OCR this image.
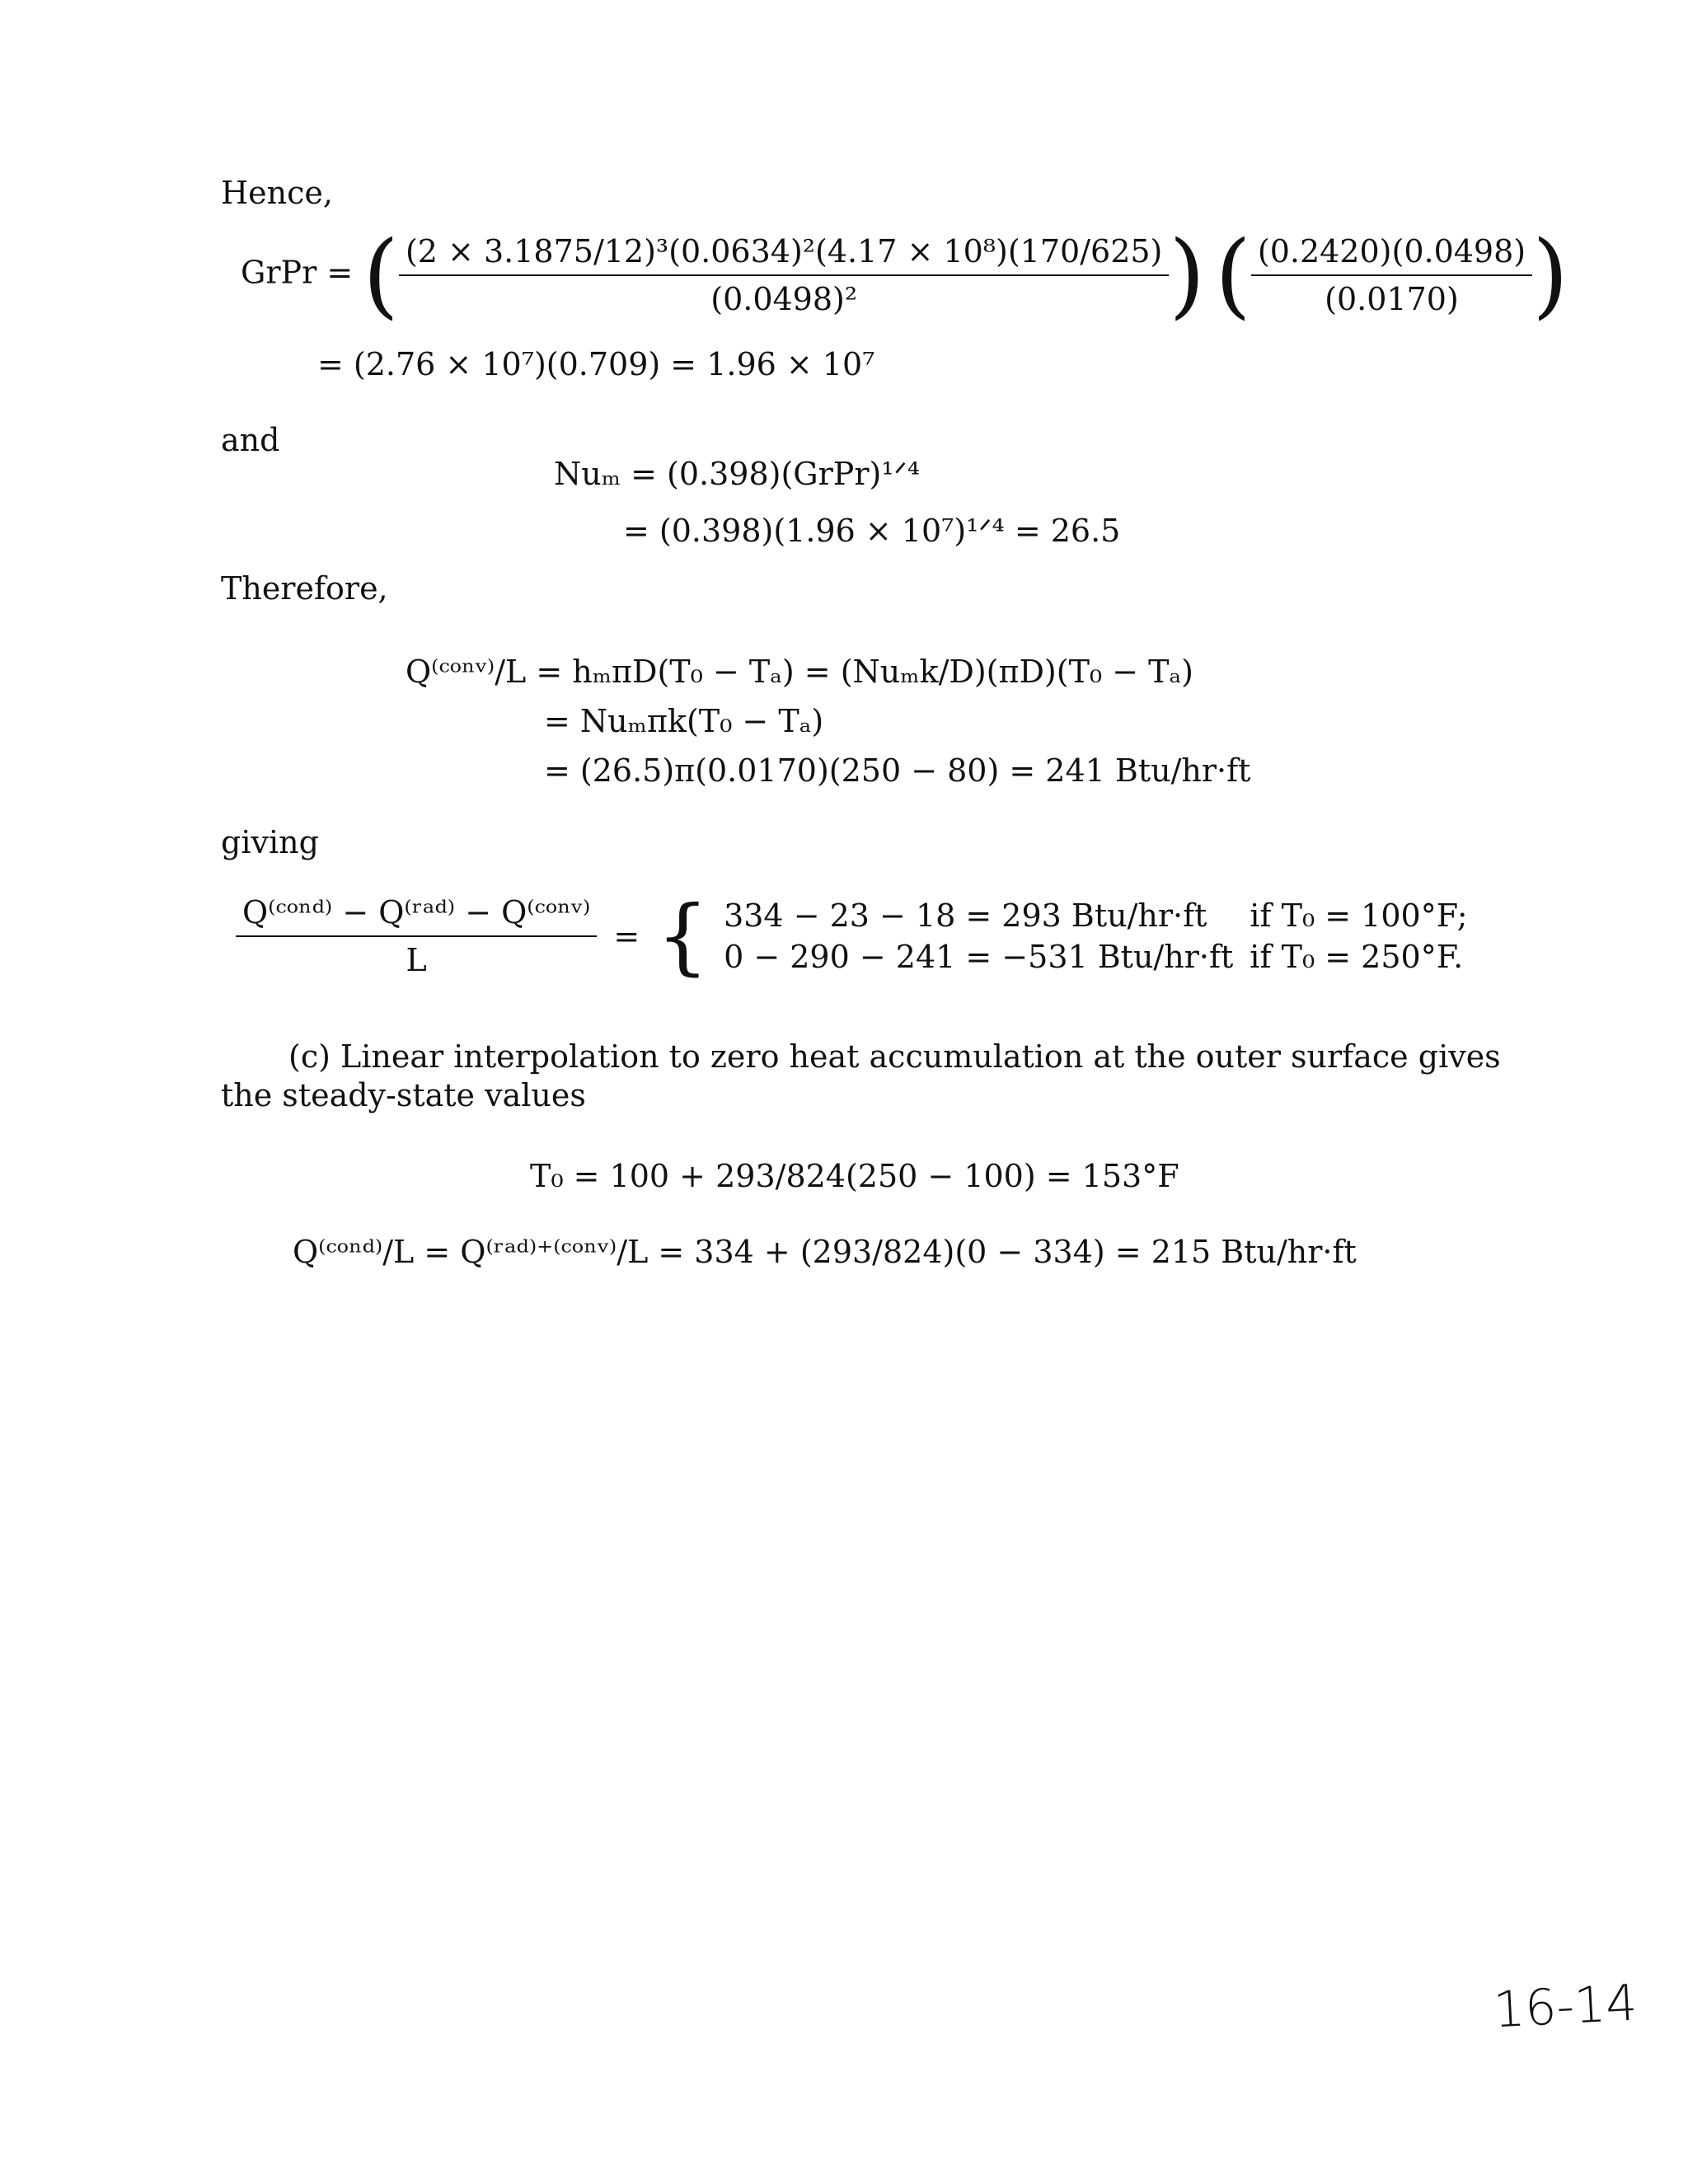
Hence,
GrPr = ( $\frac{\text{(2 × 3.1875/12)³(0.0634)²(4.17 × 10⁸)(170/625)}}{\text{(0.0498)²}}$ ) ( $\frac{(0.2420)(0.0498)}{(0.0170)}$ )
= (2.76 × 10⁷)(0.709) = 1.96 × 10⁷
and
Nuₘ = (0.398)(GrPr)¹ᐟ⁴
= (0.398)(1.96 × 10⁷)¹ᐟ⁴ = 26.5
Therefore,
Q⁽ᶜᵒⁿᵛ⁾/L = hₘπD(T₀ − Tₐ) = (Nuₘk/D)(πD)(T₀ − Tₐ)
= Nuₘπk(T₀ − Tₐ)
= (26.5)π(0.0170)(250 − 80) = 241 Btu/hr·ft
giving
$\frac{\text{Q⁽ᶜᵒⁿᵈ⁾ − Q⁽ʳᵃᵈ⁾ − Q⁽ᶜᵒⁿᵛ⁾}}{L}$ = { 334 − 23 − 18 = 293 Btu/hr·ft	if T₀ = 100°F;
0 − 290 − 241 = −531 Btu/hr·ft	if T₀ = 250°F.
(c) Linear interpolation to zero heat accumulation at the outer surface gives
the steady-state values
T₀ = 100 + 293/824(250 − 100) = 153°F
Q⁽ᶜᵒⁿᵈ⁾/L = Q⁽ʳᵃᵈ⁾⁺⁽ᶜᵒⁿᵛ⁾/L = 334 + (293/824)(0 − 334) = 215 Btu/hr·ft
16-14
